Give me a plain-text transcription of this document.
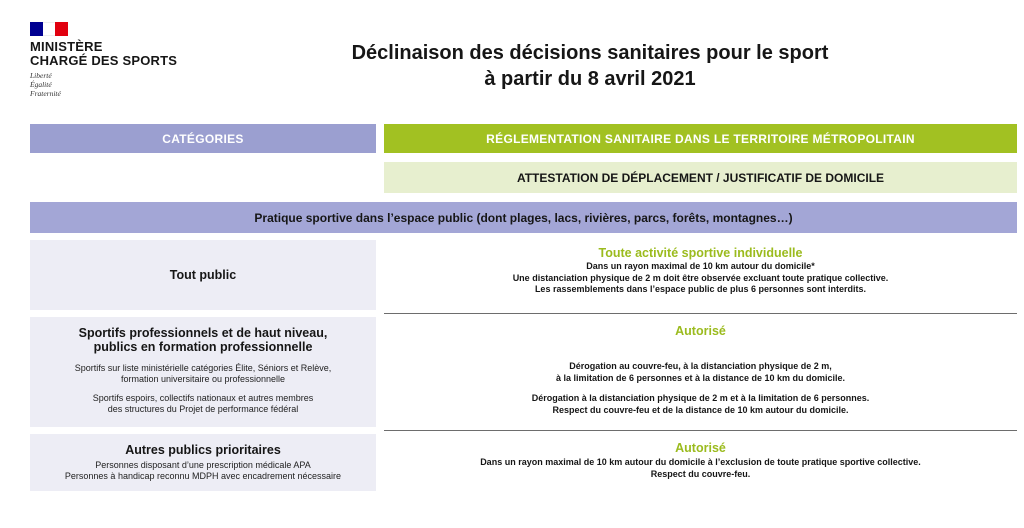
MINISTÈRE
CHARGÉ DES SPORTS
Liberté
Égalité
Fraternité
Déclinaison des décisions sanitaires pour le sport
à partir du 8 avril 2021
CATÉGORIES	RÉGLEMENTATION SANITAIRE DANS LE TERRITOIRE MÉTROPOLITAIN
ATTESTATION DE DÉPLACEMENT / JUSTIFICATIF DE DOMICILE
Pratique sportive dans l’espace public (dont plages, lacs, rivières, parcs, forêts, montagnes…)
Tout public
Toute activité sportive individuelle
Dans un rayon maximal de 10 km autour du domicile*
Une distanciation physique de 2 m doit être observée excluant toute pratique collective.
Les rassemblements dans l’espace public de plus 6 personnes sont interdits.
Sportifs professionnels et de haut niveau,
publics en formation professionnelle
Sportifs sur liste ministérielle catégories Élite, Séniors et Relève,
formation universitaire ou professionnelle
Sportifs espoirs, collectifs nationaux et autres membres
des structures du Projet de performance fédéral
Autorisé
Dérogation au couvre-feu, à la distanciation physique de 2 m,
à la limitation de 6 personnes et à la distance de 10 km du domicile.
Dérogation à la distanciation physique de 2 m et à la limitation de 6 personnes.
Respect du couvre-feu et de la distance de 10 km autour du domicile.
Autres publics prioritaires
Personnes disposant d’une prescription médicale APA
Personnes à handicap reconnu MDPH avec encadrement nécessaire
Autorisé
Dans un rayon maximal de 10 km autour du domicile à l’exclusion de toute pratique sportive collective.
Respect du couvre-feu.
